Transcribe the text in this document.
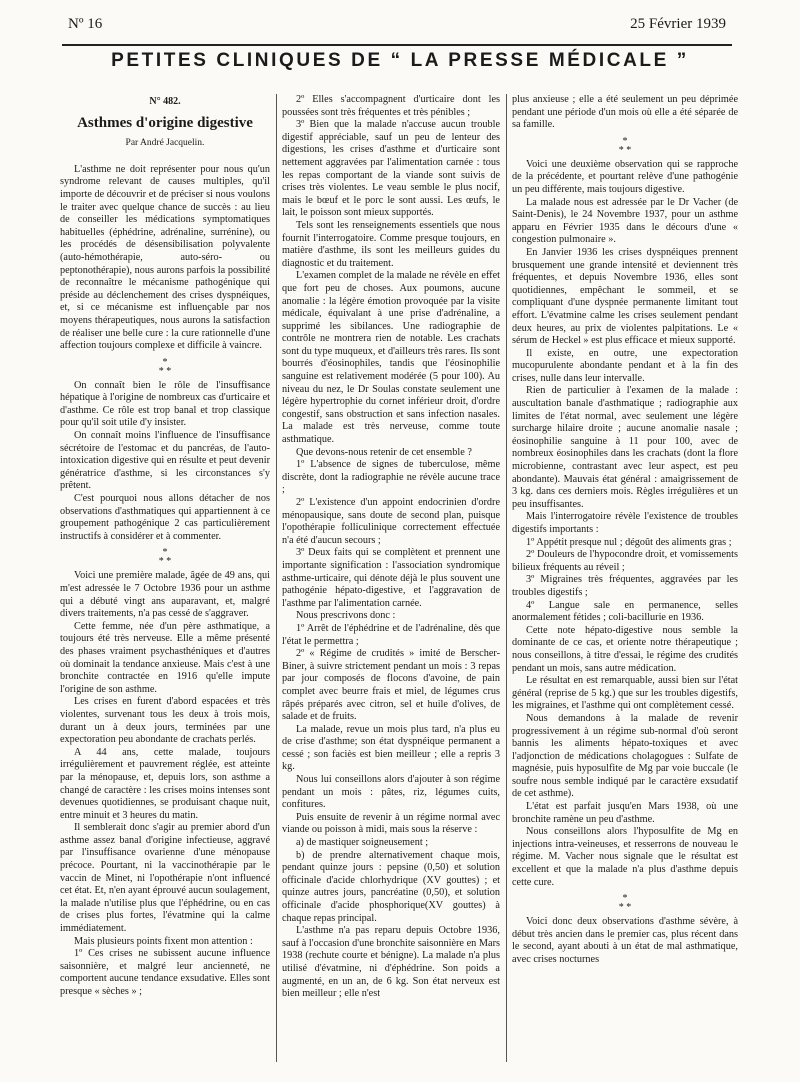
Nº 16	25 Février 1939
PETITES CLINIQUES DE “ LA PRESSE MÉDICALE ”
N° 482.
Asthmes d'origine digestive
Par André Jacquelin.

L'asthme ne doit représenter pour nous qu'un syndrome relevant de causes multiples, qu'il importe de découvrir et de préciser si nous voulons le traiter avec quelque chance de succès : au lieu de conseiller les médications symptomatiques habituelles (éphédrine, adrénaline, surrénine), ou les procédés de désensibilisation polyvalente (auto-hémothérapie, auto-séro- ou peptonothérapie), nous aurons parfois la possibilité de reconnaître le mécanisme pathogénique qui préside au déclenchement des crises dyspnéiques, et, si ce mécanisme est influençable par nos moyens thérapeutiques, nous aurons la satisfaction de réaliser une belle cure : la cure rationnelle d'une affection toujours complexe et difficile à vaincre.

*
* *

On connaît bien le rôle de l'insuffisance hépatique à l'origine de nombreux cas d'urticaire et d'asthme. Ce rôle est trop banal et trop classique pour qu'il soit utile d'y insister.

On connaît moins l'influence de l'insuffisance sécrétoire de l'estomac et du pancréas, de l'auto-intoxication digestive qui en résulte et peut devenir génératrice d'asthme, si les circonstances s'y prêtent.

C'est pourquoi nous allons détacher de nos observations d'asthmatiques qui appartiennent à ce groupement pathogénique 2 cas particulièrement instructifs à considérer et à commenter.

*
* *

Voici une première malade, âgée de 49 ans, qui m'est adressée le 7 Octobre 1936 pour un asthme qui a débuté vingt ans auparavant, et, malgré divers traitements, n'a pas cessé de s'aggraver.

Cette femme, née d'un père asthmatique, a toujours été très nerveuse. Elle a même présenté des phases vraiment psychasthéniques et d'autres où dominait la tendance anxieuse. Mais c'est à une bronchite contractée en 1916 qu'elle impute l'origine de son asthme.

Les crises en furent d'abord espacées et très violentes, survenant tous les deux à trois mois, durant un à deux jours, terminées par une expectoration peu abondante de crachats perlés.

A 44 ans, cette malade, toujours irrégulièrement et pauvrement réglée, est atteinte par la ménopause, et, depuis lors, son asthme a changé de caractère : les crises moins intenses sont devenues quotidiennes, se produisant chaque nuit, entre minuit et 3 heures du matin.

Il semblerait donc s'agir au premier abord d'un asthme assez banal d'origine infectieuse, aggravé par l'insuffisance ovarienne d'une ménopause précoce. Pourtant, ni la vaccinothérapie par le vaccin de Minet, ni l'opothérapie n'ont influencé cet état. Et, n'en ayant éprouvé aucun soulagement, la malade n'utilise plus que l'éphédrine, ou en cas de crises plus fortes, l'évatmine qui la calme immédiatement.

Mais plusieurs points fixent mon attention :

1º Ces crises ne subissent aucune influence saisonnière, et malgré leur ancienneté, ne comportent aucune tendance exsudative. Elles sont presque « sèches » ;

2º Elles s'accompagnent d'urticaire dont les poussées sont très fréquentes et très pénibles ;

3º Bien que la malade n'accuse aucun trouble digestif appréciable, sauf un peu de lenteur des digestions, les crises d'asthme et d'urticaire sont nettement aggravées par l'alimentation carnée : tous les repas comportant de la viande sont suivis de crises très violentes. Le veau semble le plus nocif, mais le bœuf et le porc le sont aussi. Les œufs, le lait, le poisson sont mieux supportés.

Tels sont les renseignements essentiels que nous fournit l'interrogatoire. Comme presque toujours, en matière d'asthme, ils sont les meilleurs guides du diagnostic et du traitement.

L'examen complet de la malade ne révèle en effet que fort peu de choses. Aux poumons, aucune anomalie : la légère émotion provoquée par la visite médicale, équivalant à une prise d'adrénaline, a supprimé les sibilances. Une radiographie de contrôle ne montrera rien de notable. Les crachats sont du type muqueux, et d'ailleurs très rares. Ils sont bourrés d'éosinophiles, tandis que l'éosinophilie sanguine est relativement modérée (5 pour 100). Au niveau du nez, le Dr Soulas constate seulement une légère hypertrophie du cornet inférieur droit, d'ordre congestif, sans obstruction et sans infection nasales. La malade est très nerveuse, comme toute asthmatique.

Que devons-nous retenir de cet ensemble ?

1º L'absence de signes de tuberculose, même discrète, dont la radiographie ne révèle aucune trace ;

2º L'existence d'un appoint endocrinien d'ordre ménopausique, sans doute de second plan, puisque l'opothérapie folliculinique correctement effectuée n'a été d'aucun secours ;

3º Deux faits qui se complètent et prennent une importante signification : l'association syndromique asthme-urticaire, qui dénote déjà le plus souvent une pathogénie hépato-digestive, et l'aggravation de l'asthme par l'alimentation carnée.

Nous prescrivons donc :

1º Arrêt de l'éphédrine et de l'adrénaline, dès que l'état le permettra ;

2º « Régime de crudités » imité de Berscher-Biner, à suivre strictement pendant un mois : 3 repas par jour composés de flocons d'avoine, de pain complet avec beurre frais et miel, de légumes crus râpés préparés avec citron, sel et huile d'olives, de salade et de fruits.

La malade, revue un mois plus tard, n'a plus eu de crise d'asthme; son état dyspnéique permanent a cessé ; son faciès est bien meilleur ; elle a repris 3 kg.

Nous lui conseillons alors d'ajouter à son régime pendant un mois : pâtes, riz, légumes cuits, confitures.

Puis ensuite de revenir à un régime normal avec viande ou poisson à midi, mais sous la réserve :

a) de mastiquer soigneusement ;

b) de prendre alternativement chaque mois, pendant quinze jours : pepsine (0,50) et solution officinale d'acide chlorhydrique (XV gouttes) ; et quinze autres jours, pancréatine (0,50), et solution officinale d'acide phosphorique(XV gouttes) à chaque repas principal.

L'asthme n'a pas reparu depuis Octobre 1936, sauf à l'occasion d'une bronchite saisonnière en Mars 1938 (rechute courte et bénigne). La malade n'a plus utilisé d'évatmine, ni d'éphédrine. Son poids a augmenté, en un an, de 6 kg. Son état nerveux est bien meilleur ; elle n'est

plus anxieuse ; elle a été seulement un peu déprimée pendant une période d'un mois où elle a été séparée de sa famille.

*
* *

Voici une deuxième observation qui se rapproche de la précédente, et pourtant relève d'une pathogénie un peu différente, mais toujours digestive.

La malade nous est adressée par le Dr Vacher (de Saint-Denis), le 24 Novembre 1937, pour un asthme apparu en Février 1935 dans le décours d'une « congestion pulmonaire ».

En Janvier 1936 les crises dyspnéiques prennent brusquement une grande intensité et deviennent très fréquentes, et depuis Novembre 1936, elles sont quotidiennes, empêchant le sommeil, et se compliquant d'une dyspnée permanente limitant tout effort. L'évatmine calme les crises seulement pendant deux heures, au prix de violentes palpitations. Le « sérum de Heckel » est plus efficace et mieux supporté.

Il existe, en outre, une expectoration mucopurulente abondante pendant et à la fin des crises, nulle dans leur intervalle.

Rien de particulier à l'examen de la malade : auscultation banale d'asthmatique ; radiographie aux limites de l'état normal, avec seulement une légère surcharge hilaire droite ; aucune anomalie nasale ; éosinophilie sanguine à 11 pour 100, avec de nombreux éosinophiles dans les crachats (dont la flore microbienne, contrastant avec leur aspect, est peu abondante). Mauvais état général : amaigrissement de 3 kg. dans ces derniers mois. Règles irrégulières et un peu insuffisantes.

Mais l'interrogatoire révèle l'existence de troubles digestifs importants :

1º Appétit presque nul ; dégoût des aliments gras ;

2º Douleurs de l'hypocondre droit, et vomissements bilieux fréquents au réveil ;

3º Migraines très fréquentes, aggravées par les troubles digestifs ;

4º Langue sale en permanence, selles anormalement fétides ; coli-bacillurie en 1936.

Cette note hépato-digestive nous semble la dominante de ce cas, et oriente notre thérapeutique ; nous conseillons, à titre d'essai, le régime des crudités pendant un mois, sans autre médication.

Le résultat en est remarquable, aussi bien sur l'état général (reprise de 5 kg.) que sur les troubles digestifs, les migraines, et l'asthme qui ont complètement cessé.

Nous demandons à la malade de revenir progressivement à un régime sub-normal d'où seront bannis les aliments hépato-toxiques et avec l'adjonction de médications cholagogues : Sulfate de magnésie, puis hyposulfite de Mg par voie buccale (le soufre nous semble indiqué par le caractère exsudatif de cet asthme).

L'état est parfait jusqu'en Mars 1938, où une bronchite ramène un peu d'asthme.

Nous conseillons alors l'hyposulfite de Mg en injections intra-veineuses, et resserrons de nouveau le régime. M. Vacher nous signale que le résultat est excellent et que la malade n'a plus d'asthme depuis cette cure.

*
* *

Voici donc deux observations d'asthme sévère, à début très ancien dans le premier cas, plus récent dans le second, ayant abouti à un état de mal asthmatique, avec crises nocturnes
